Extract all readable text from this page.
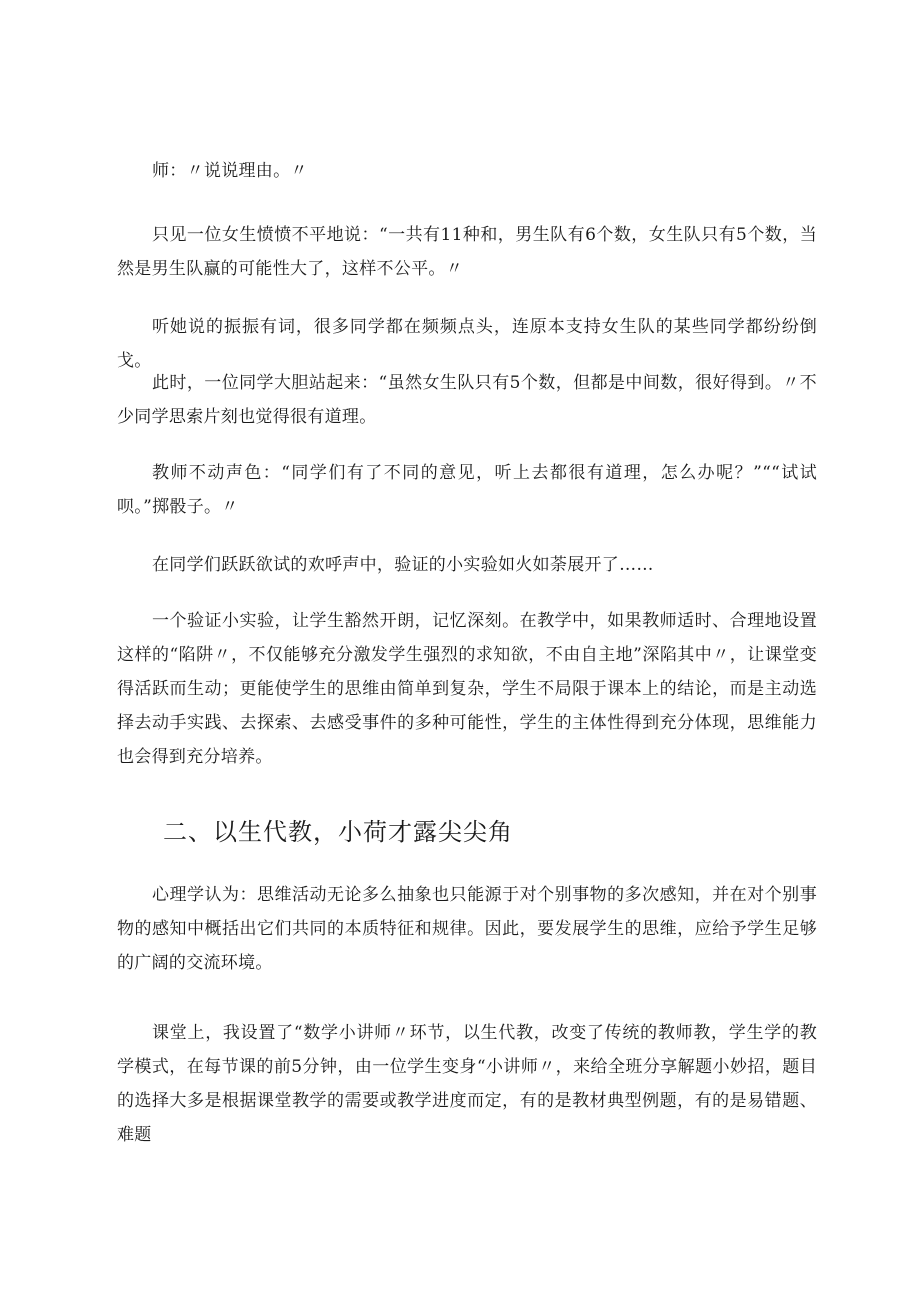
师：〃说说理由。〃

只见一位女生愤愤不平地说：“一共有11种和，男生队有6个数，女生队只有5个数，当然是男生队赢的可能性大了，这样不公平。〃

听她说的振振有词，很多同学都在频频点头，连原本支持女生队的某些同学都纷纷倒戈。

此时，一位同学大胆站起来：“虽然女生队只有5个数，但都是中间数，很好得到。〃不少同学思索片刻也觉得很有道理。

教师不动声色：“同学们有了不同的意见，听上去都很有道理，怎么办呢？”““试试呗。”掷骰子。〃

在同学们跃跃欲试的欢呼声中，验证的小实验如火如荼展开了……

一个验证小实验，让学生豁然开朗，记忆深刻。在教学中，如果教师适时、合理地设置这样的“陷阱〃，不仅能够充分激发学生强烈的求知欲，不由自主地”深陷其中〃，让课堂变得活跃而生动；更能使学生的思维由简单到复杂，学生不局限于课本上的结论，而是主动选择去动手实践、去探索、去感受事件的多种可能性，学生的主体性得到充分体现，思维能力也会得到充分培养。

二、以生代教，小荷才露尖尖角

心理学认为：思维活动无论多么抽象也只能源于对个别事物的多次感知，并在对个别事物的感知中概括出它们共同的本质特征和规律。因此，要发展学生的思维，应给予学生足够的广阔的交流环境。

课堂上，我设置了“数学小讲师〃环节，以生代教，改变了传统的教师教，学生学的教学模式，在每节课的前5分钟，由一位学生变身“小讲师〃，来给全班分享解题小妙招，题目的选择大多是根据课堂教学的需要或教学进度而定，有的是教材典型例题，有的是易错题、难题
